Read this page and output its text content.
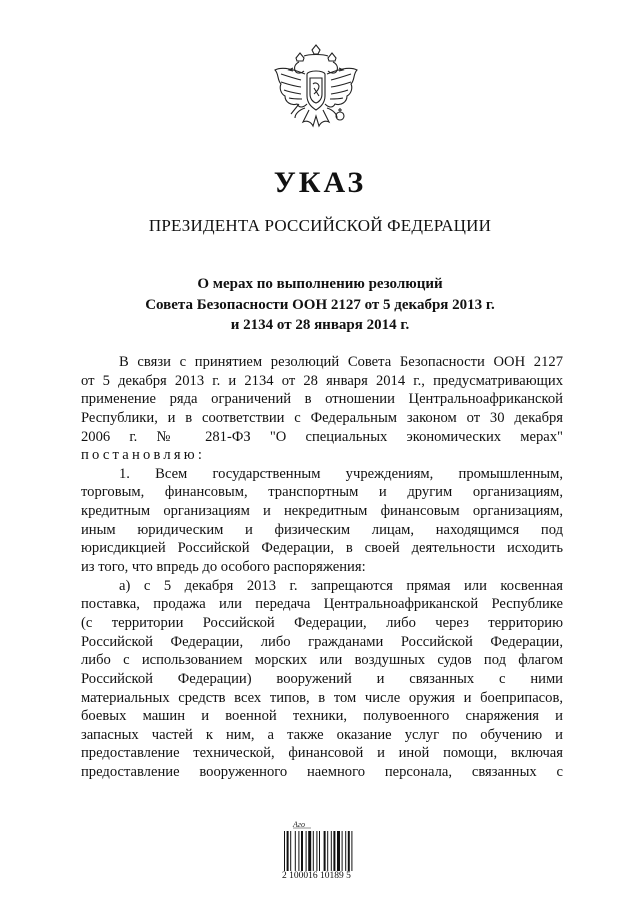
УКАЗ
ПРЕЗИДЕНТА РОССИЙСКОЙ ФЕДЕРАЦИИ
О мерах по выполнению резолюций
Совета Безопасности ООН 2127 от 5 декабря 2013 г.
и 2134 от 28 января 2014 г.
В связи с принятием резолюций Совета Безопасности ООН 2127
от 5 декабря 2013 г. и 2134 от 28 января 2014 г., предусматривающих
применение ряда ограничений в отношении Центральноафриканской
Республики, и в соответствии с Федеральным законом от 30 декабря
2006 г. № 281-ФЗ "О специальных экономических мерах"
постановляю:
1. Всем государственным учреждениям, промышленным,
торговым, финансовым, транспортным и другим организациям,
кредитным организациям и некредитным финансовым организациям,
иным юридическим и физическим лицам, находящимся под
юрисдикцией Российской Федерации, в своей деятельности исходить
из того, что впредь до особого распоряжения:
а) с 5 декабря 2013 г. запрещаются прямая или косвенная
поставка, продажа или передача Центральноафриканской Республике
(с территории Российской Федерации, либо через территорию
Российской Федерации, либо гражданами Российской Федерации,
либо с использованием морских или воздушных судов под флагом
Российской Федерации) вооружений и связанных с ними
материальных средств всех типов, в том числе оружия и боеприпасов,
боевых машин и военной техники, полувоенного снаряжения и
запасных частей к ним, а также оказание услуг по обучению и
предоставление технической, финансовой и иной помощи, включая
предоставление вооруженного наемного персонала, связанных с
Аго
2 100016 10189 5
